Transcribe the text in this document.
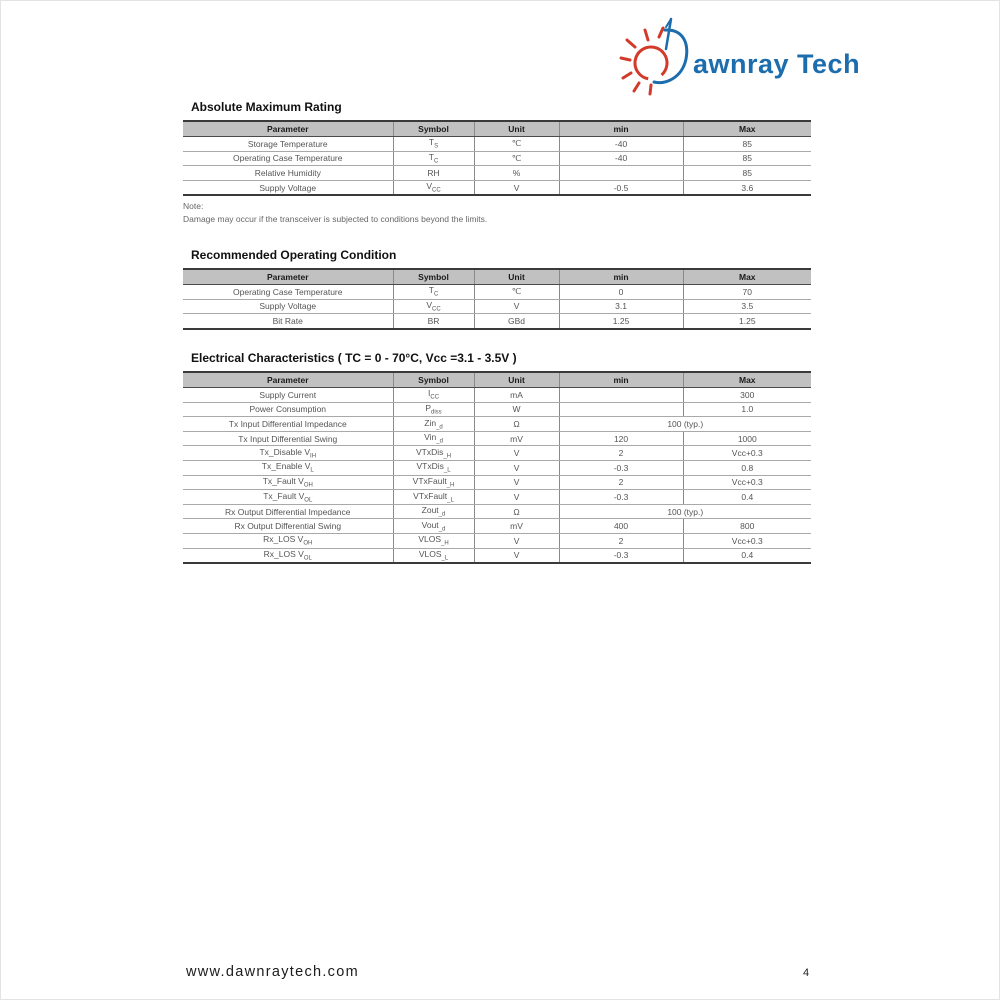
awnray Tech
Absolute Maximum Rating
Parameter	Symbol	Unit	min	Max
Storage Temperature	$T_S$	℃	-40	85
Operating Case Temperature	$T_C$	℃	-40	85
Relative Humidity	RH	%		85
Supply Voltage	$V_{CC}$	V	-0.5	3.6
Note:
Damage may occur if the transceiver is subjected to conditions beyond the limits.
Recommended Operating Condition
Parameter	Symbol	Unit	min	Max
Operating Case Temperature	$T_C$	℃	0	70
Supply Voltage	$V_{CC}$	V	3.1	3.5
Bit Rate	BR	GBd	1.25	1.25
Electrical Characteristics ( TC = 0 - 70°C, Vcc =3.1 - 3.5V )
Parameter	Symbol	Unit	min	Max
Supply Current	$I_{CC}$	mA		300
Power Consumption	$P_{diss}$	W		1.0
Tx Input Differential Impedance	Zin$_{\_d}$	Ω	100 (typ.)	
Tx Input Differential Swing	Vin$_{\_d}$	mV	120	1000
Tx_Disable $V_{IH}$	VTxDis$_{\_H}$	V	2	Vcc+0.3
Tx_Enable $V_L$	VTxDis$_{\_L}$	V	-0.3	0.8
Tx_Fault $V_{OH}$	VTxFault$_{\_H}$	V	2	Vcc+0.3
Tx_Fault $V_{OL}$	VTxFault$_{\_L}$	V	-0.3	0.4
Rx Output Differential Impedance	Zout$_{\_d}$	Ω	100 (typ.)	
Rx Output Differential Swing	Vout$_{\_d}$	mV	400	800
Rx_LOS $V_{OH}$	$VLOS_{\_H}$	V	2	Vcc+0.3
Rx_LOS $V_{OL}$	$VLOS_{\_L}$	V	-0.3	0.4
www.dawnraytech.com	4
